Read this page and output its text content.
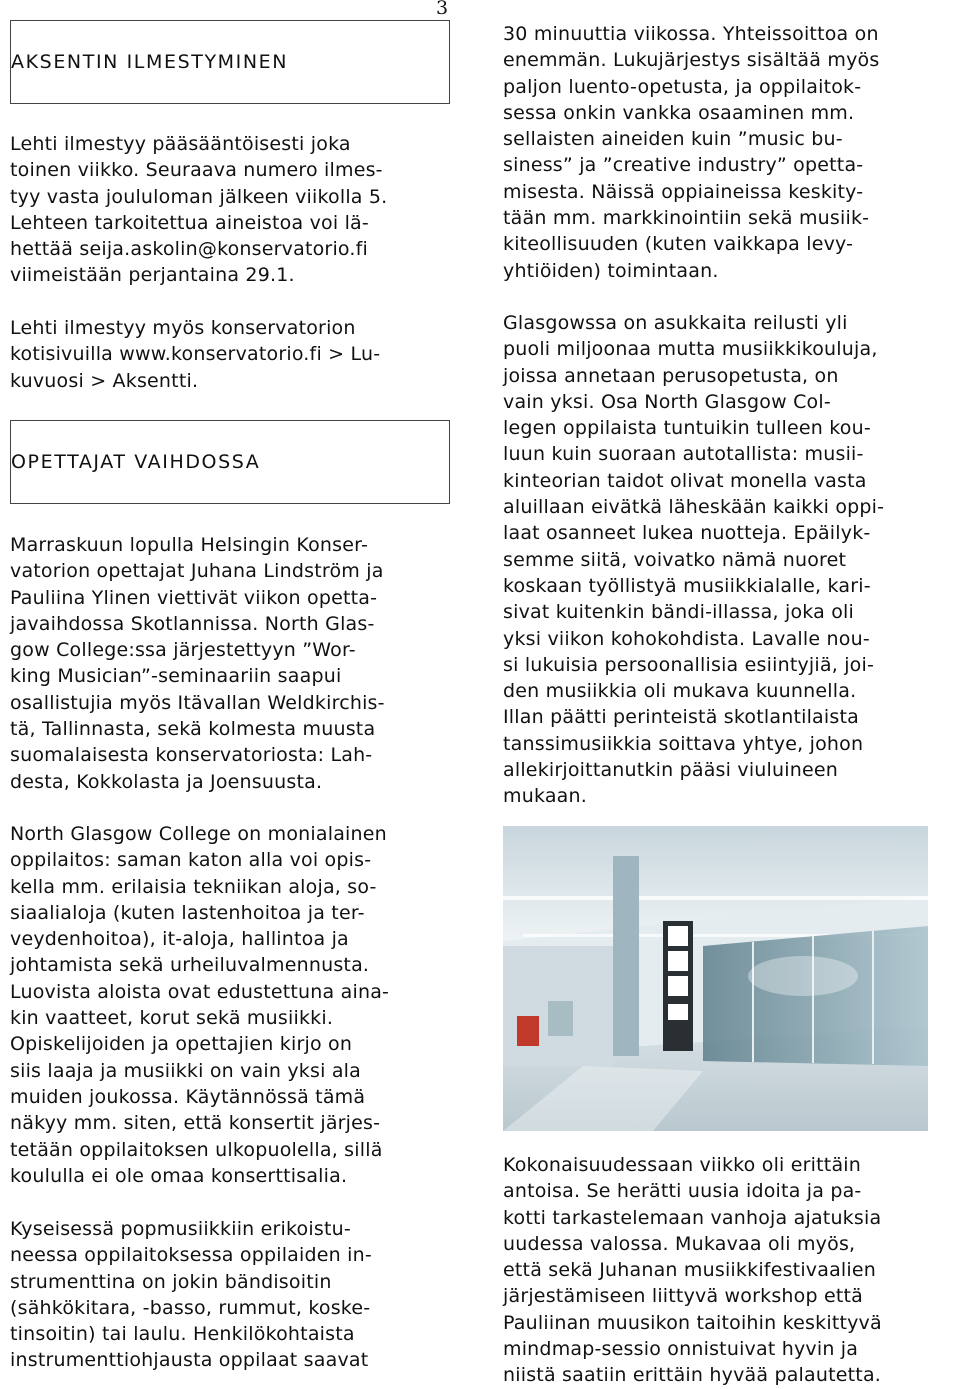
3
AKSENTIN ILMESTYMINEN

Lehti ilmestyy pääsääntöisesti joka
toinen viikko. Seuraava numero ilmes-
tyy vasta joululoman jälkeen viikolla 5.
Lehteen tarkoitettua aineistoa voi lä-
hettää seija.askolin@konservatorio.fi
viimeistään perjantaina 29.1.

Lehti ilmestyy myös konservatorion
kotisivuilla www.konservatorio.fi > Lu-
kuvuosi > Aksentti.

OPETTAJAT VAIHDOSSA

Marraskuun lopulla Helsingin Konser-
vatorion opettajat Juhana Lindström ja
Pauliina Ylinen viettivät viikon opetta-
javaihdossa Skotlannissa. North Glas-
gow College:ssa järjestettyyn ”Wor-
king Musician”-seminaariin saapui
osallistujia myös Itävallan Weldkirchis-
tä, Tallinnasta, sekä kolmesta muusta
suomalaisesta konservatoriosta: Lah-
desta, Kokkolasta ja Joensuusta.

North Glasgow College on monialainen
oppilaitos: saman katon alla voi opis-
kella mm. erilaisia tekniikan aloja, so-
siaalialoja (kuten lastenhoitoa ja ter-
veydenhoitoa), it-aloja, hallintoa ja
johtamista sekä urheiluvalmennusta.
Luovista aloista ovat edustettuna aina-
kin vaatteet, korut sekä musiikki.
Opiskelijoiden ja opettajien kirjo on
siis laaja ja musiikki on vain yksi ala
muiden joukossa. Käytännössä tämä
näkyy mm. siten, että konsertit järjes-
tetään oppilaitoksen ulkopuolella, sillä
koululla ei ole omaa konserttisalia.

Kyseisessä popmusiikkiin erikoistu-
neessa oppilaitoksessa oppilaiden in-
strumenttina on jokin bändisoitin
(sähkökitara, -basso, rummut, koske-
tinsoitin) tai laulu. Henkilökohtaista
instrumenttiohjausta oppilaat saavat

30 minuuttia viikossa. Yhteissoittoa on
enemmän. Lukujärjestys sisältää myös
paljon luento-opetusta, ja oppilaitok-
sessa onkin vankka osaaminen mm.
sellaisten aineiden kuin ”music bu-
siness” ja ”creative industry” opetta-
misesta. Näissä oppiaineissa keskity-
tään mm. markkinointiin sekä musiik-
kiteollisuuden (kuten vaikkapa levy-
yhtiöiden) toimintaan.

Glasgowssa on asukkaita reilusti yli
puoli miljoonaa mutta musiikkikouluja,
joissa annetaan perusopetusta, on
vain yksi. Osa North Glasgow Col-
legen oppilaista tuntuikin tulleen kou-
luun kuin suoraan autotallista: musii-
kinteorian taidot olivat monella vasta
aluillaan eivätkä läheskään kaikki oppi-
laat osanneet lukea nuotteja. Epäilyk-
semme siitä, voivatko nämä nuoret
koskaan työllistyä musiikkialalle, kari-
sivat kuitenkin bändi-illassa, joka oli
yksi viikon kohokohdista. Lavalle nou-
si lukuisia persoonallisia esiintyjiä, joi-
den musiikkia oli mukava kuunnella.
Illan päätti perinteistä skotlantilaista
tanssimusiikkia soittava yhtye, johon
allekirjoittanutkin pääsi viuluineen
mukaan.

Kokonaisuudessaan viikko oli erittäin
antoisa. Se herätti uusia idoita ja pa-
kotti tarkastelemaan vanhoja ajatuksia
uudessa valossa. Mukavaa oli myös,
että sekä Juhanan musiikkifestivaalien
järjestämiseen liittyvä workshop että
Pauliinan muusikon taitoihin keskittyvä
mindmap-sessio onnistuivat hyvin ja
niistä saatiin erittäin hyvää palautetta.
